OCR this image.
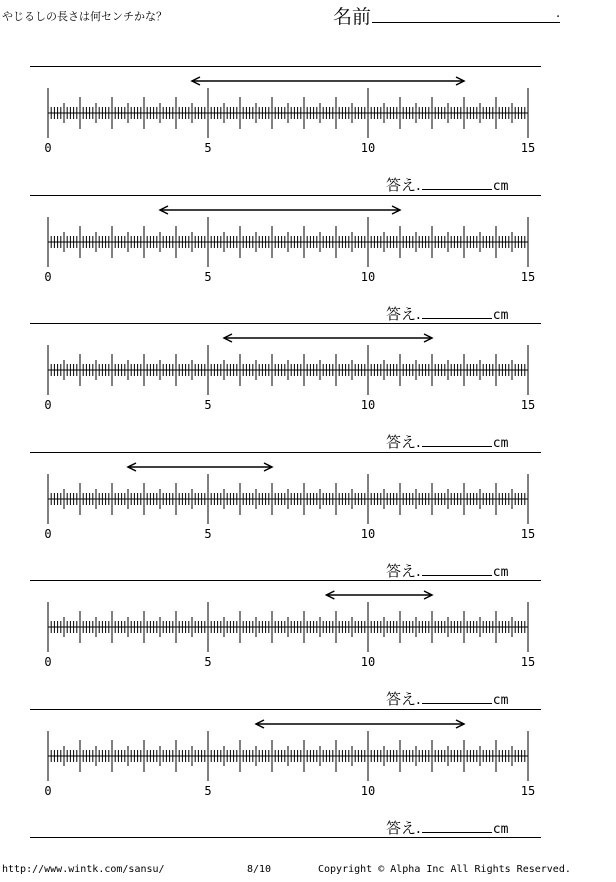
やじるしの長さは何センチかな？	名前	.
0	5	10	15
答え.	cm
0	5	10	15
答え.	cm
0	5	10	15
答え.	cm
0	5	10	15
答え.	cm
0	5	10	15
答え.	cm
0	5	10	15
答え.	cm
http://www.wintk.com/sansu/	8/10	Copyright © Alpha Inc All Rights Reserved.
